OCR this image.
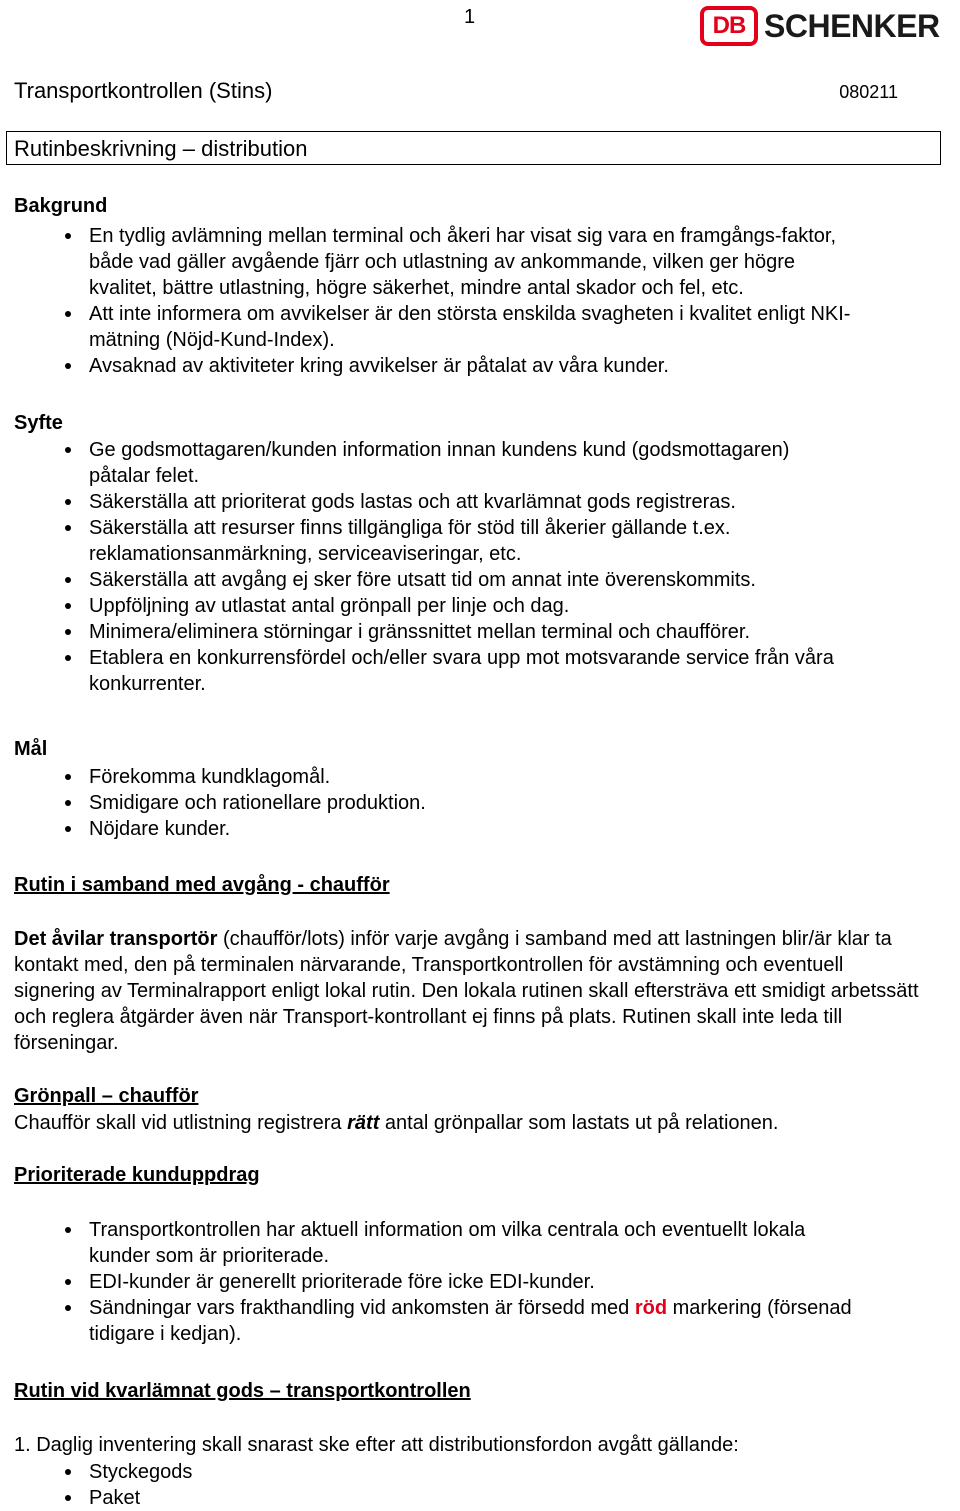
1	DB SCHENKER
Transportkontrollen (Stins)	080211
Rutinbeskrivning – distribution
Bakgrund
En tydlig avlämning mellan terminal och åkeri har visat sig vara en framgångs-faktor, både vad gäller avgående fjärr och utlastning av ankommande, vilken ger högre kvalitet, bättre utlastning, högre säkerhet, mindre antal skador och fel, etc.
Att inte informera om avvikelser är den största enskilda svagheten i kvalitet enligt NKI-mätning (Nöjd-Kund-Index).
Avsaknad av aktiviteter kring avvikelser är påtalat av våra kunder.
Syfte
Ge godsmottagaren/kunden information innan kundens kund (godsmottagaren) påtalar felet.
Säkerställa att prioriterat gods lastas och att kvarlämnat gods registreras.
Säkerställa att resurser finns tillgängliga för stöd till åkerier gällande t.ex. reklamationsanmärkning, serviceaviseringar, etc.
Säkerställa att avgång ej sker före utsatt tid om annat inte överenskommits.
Uppföljning av utlastat antal grönpall per linje och dag.
Minimera/eliminera störningar i gränssnittet mellan terminal och chaufförer.
Etablera en konkurrensfördel och/eller svara upp mot motsvarande service från våra konkurrenter.
Mål
Förekomma kundklagomål.
Smidigare och rationellare produktion.
Nöjdare kunder.
Rutin i samband med avgång - chaufför
Det åvilar transportör (chaufför/lots) inför varje avgång i samband med att lastningen blir/är klar ta kontakt med, den på terminalen närvarande, Transportkontrollen för avstämning och eventuell signering av Terminalrapport enligt lokal rutin. Den lokala rutinen skall eftersträva ett smidigt arbetssätt och reglera åtgärder även när Transport-kontrollant ej finns på plats. Rutinen skall inte leda till förseningar.
Grönpall – chaufför
Chaufför skall vid utlistning registrera rätt antal grönpallar som lastats ut på relationen.
Prioriterade kunduppdrag
Transportkontrollen har aktuell information om vilka centrala och eventuellt lokala kunder som är prioriterade.
EDI-kunder är generellt prioriterade före icke EDI-kunder.
Sändningar vars frakthandling vid ankomsten är försedd med röd markering (försenad tidigare i kedjan).
Rutin vid kvarlämnat gods – transportkontrollen
1. Daglig inventering skall snarast ske efter att distributionsfordon avgått gällande:
Styckegods
Paket
